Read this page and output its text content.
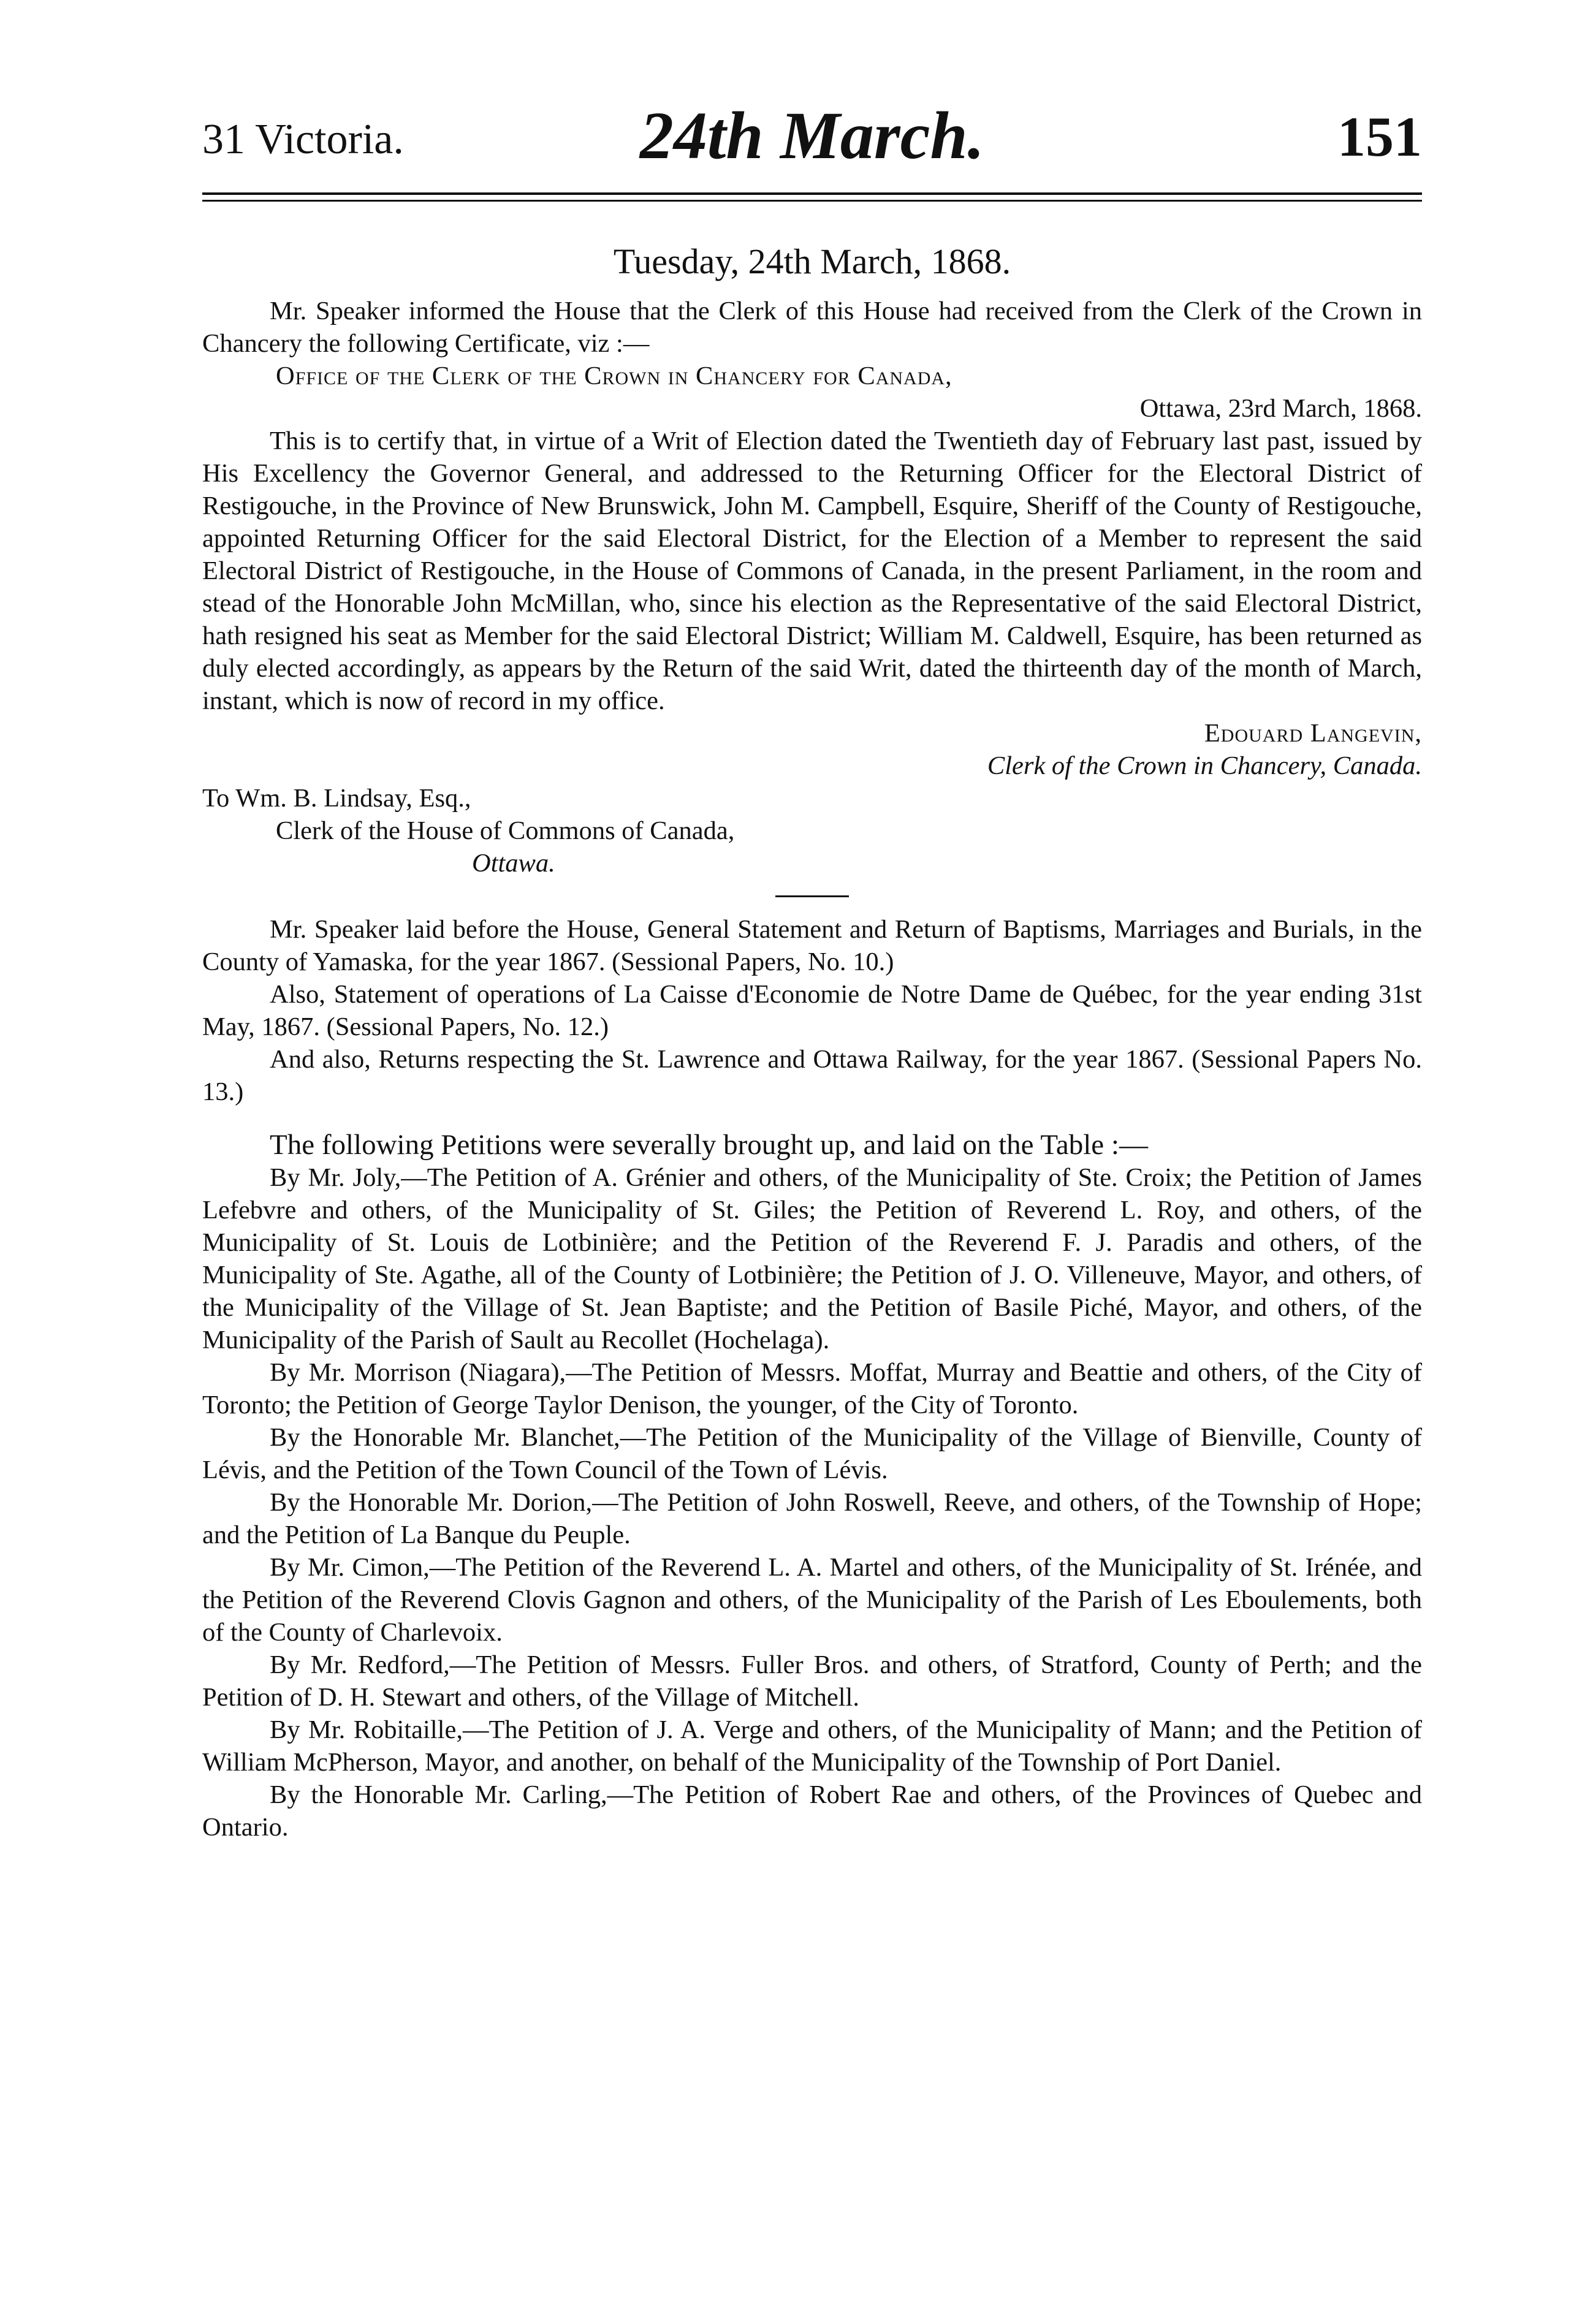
31 Victoria.	24th March.	151

Tuesday, 24th March, 1868.

Mr. Speaker informed the House that the Clerk of this House had received from the Clerk of the Crown in Chancery the following Certificate, viz :—

Office of the Clerk of the Crown in Chancery for Canada,

Ottawa, 23rd March, 1868.

This is to certify that, in virtue of a Writ of Election dated the Twentieth day of February last past, issued by His Excellency the Governor General, and addressed to the Returning Officer for the Electoral District of Restigouche, in the Province of New Brunswick, John M. Campbell, Esquire, Sheriff of the County of Restigouche, appointed Returning Officer for the said Electoral District, for the Election of a Member to represent the said Electoral District of Restigouche, in the House of Commons of Canada, in the present Parliament, in the room and stead of the Honorable John McMillan, who, since his election as the Representative of the said Electoral District, hath resigned his seat as Member for the said Electoral District; William M. Caldwell, Esquire, has been returned as duly elected accordingly, as appears by the Return of the said Writ, dated the thirteenth day of the month of March, instant, which is now of record in my office.

Edouard Langevin,

Clerk of the Crown in Chancery, Canada.

To Wm. B. Lindsay, Esq.,

Clerk of the House of Commons of Canada,

Ottawa.

Mr. Speaker laid before the House, General Statement and Return of Baptisms, Marriages and Burials, in the County of Yamaska, for the year 1867. (Sessional Papers, No. 10.)

Also, Statement of operations of La Caisse d'Economie de Notre Dame de Québec, for the year ending 31st May, 1867. (Sessional Papers, No. 12.)

And also, Returns respecting the St. Lawrence and Ottawa Railway, for the year 1867. (Sessional Papers No. 13.)

The following Petitions were severally brought up, and laid on the Table :—

By Mr. Joly,—The Petition of A. Grénier and others, of the Municipality of Ste. Croix; the Petition of James Lefebvre and others, of the Municipality of St. Giles; the Petition of Reverend L. Roy, and others, of the Municipality of St. Louis de Lotbinière; and the Petition of the Reverend F. J. Paradis and others, of the Municipality of Ste. Agathe, all of the County of Lotbinière; the Petition of J. O. Villeneuve, Mayor, and others, of the Municipality of the Village of St. Jean Baptiste; and the Petition of Basile Piché, Mayor, and others, of the Municipality of the Parish of Sault au Recollet (Hochelaga).

By Mr. Morrison (Niagara),—The Petition of Messrs. Moffat, Murray and Beattie and others, of the City of Toronto; the Petition of George Taylor Denison, the younger, of the City of Toronto.

By the Honorable Mr. Blanchet,—The Petition of the Municipality of the Village of Bienville, County of Lévis, and the Petition of the Town Council of the Town of Lévis.

By the Honorable Mr. Dorion,—The Petition of John Roswell, Reeve, and others, of the Township of Hope; and the Petition of La Banque du Peuple.

By Mr. Cimon,—The Petition of the Reverend L. A. Martel and others, of the Municipality of St. Irénée, and the Petition of the Reverend Clovis Gagnon and others, of the Municipality of the Parish of Les Eboulements, both of the County of Charlevoix.

By Mr. Redford,—The Petition of Messrs. Fuller Bros. and others, of Stratford, County of Perth; and the Petition of D. H. Stewart and others, of the Village of Mitchell.

By Mr. Robitaille,—The Petition of J. A. Verge and others, of the Municipality of Mann; and the Petition of William McPherson, Mayor, and another, on behalf of the Municipality of the Township of Port Daniel.

By the Honorable Mr. Carling,—The Petition of Robert Rae and others, of the Provinces of Quebec and Ontario.
